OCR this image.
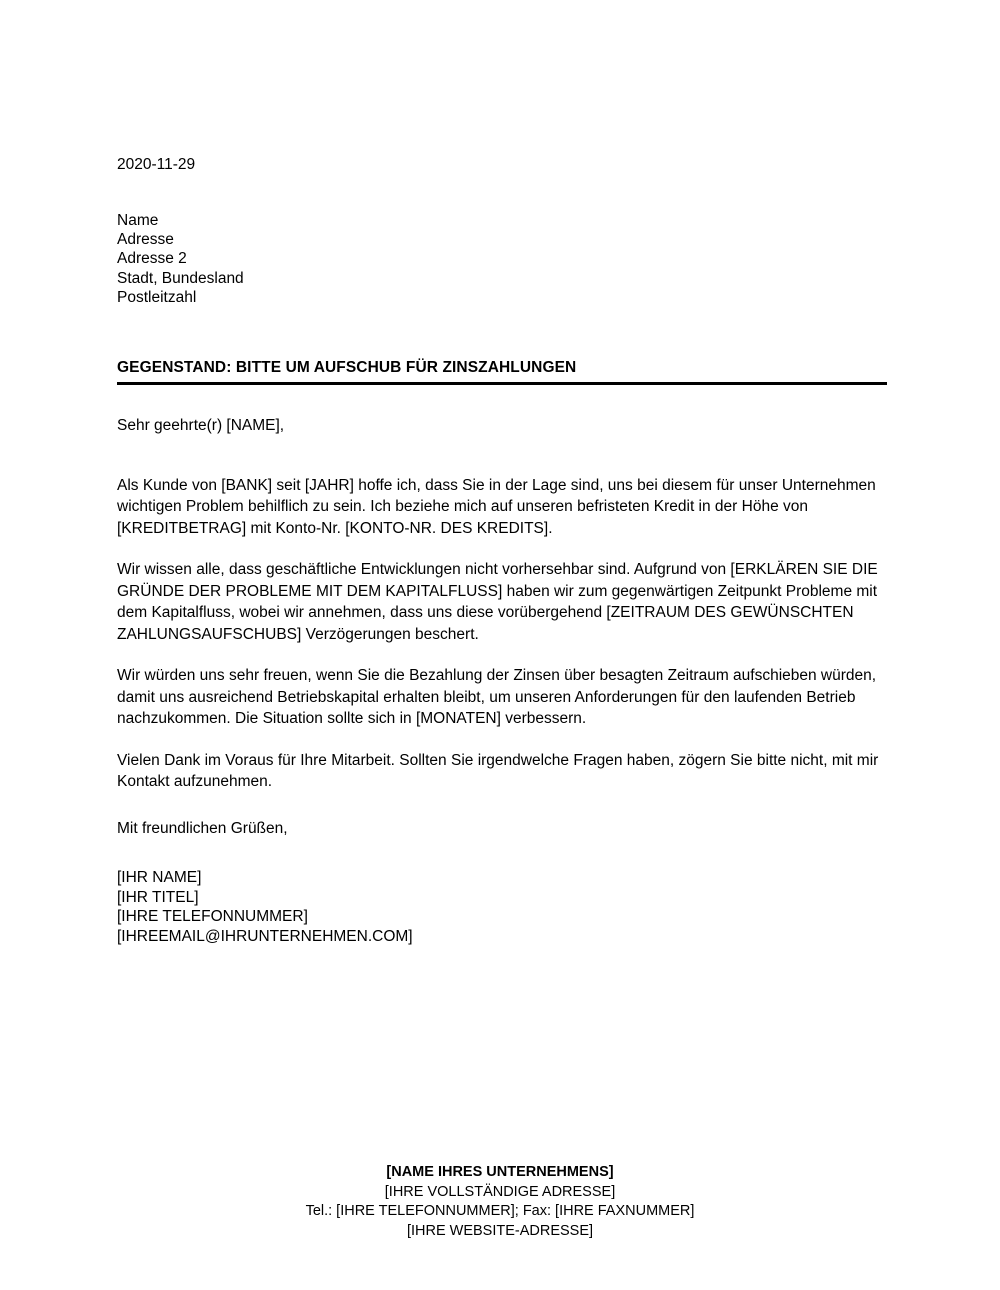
2020-11-29
Name
Adresse
Adresse 2
Stadt, Bundesland
Postleitzahl
GEGENSTAND: BITTE UM AUFSCHUB FÜR ZINSZAHLUNGEN

Sehr geehrte(r) [NAME],

Als Kunde von [BANK] seit [JAHR] hoffe ich, dass Sie in der Lage sind, uns bei diesem für unser Unternehmen wichtigen Problem behilflich zu sein. Ich beziehe mich auf unseren befristeten Kredit in der Höhe von [KREDITBETRAG] mit Konto-Nr. [KONTO-NR. DES KREDITS].

Wir wissen alle, dass geschäftliche Entwicklungen nicht vorhersehbar sind. Aufgrund von [ERKLÄREN SIE DIE GRÜNDE DER PROBLEME MIT DEM KAPITALFLUSS] haben wir zum gegenwärtigen Zeitpunkt Probleme mit dem Kapitalfluss, wobei wir annehmen, dass uns diese vorübergehend [ZEITRAUM DES GEWÜNSCHTEN ZAHLUNGSAUFSCHUBS] Verzögerungen beschert.

Wir würden uns sehr freuen, wenn Sie die Bezahlung der Zinsen über besagten Zeitraum aufschieben würden, damit uns ausreichend Betriebskapital erhalten bleibt, um unseren Anforderungen für den laufenden Betrieb nachzukommen. Die Situation sollte sich in [MONATEN] verbessern.

Vielen Dank im Voraus für Ihre Mitarbeit. Sollten Sie irgendwelche Fragen haben, zögern Sie bitte nicht, mit mir Kontakt aufzunehmen.

Mit freundlichen Grüßen,

[IHR NAME]
[IHR TITEL]
[IHRE TELEFONNUMMER]
[IHREEMAIL@IHRUNTERNEHMEN.COM]
[NAME IHRES UNTERNEHMENS]
[IHRE VOLLSTÄNDIGE ADRESSE]
Tel.: [IHRE TELEFONNUMMER]; Fax: [IHRE FAXNUMMER]
[IHRE WEBSITE-ADRESSE]
